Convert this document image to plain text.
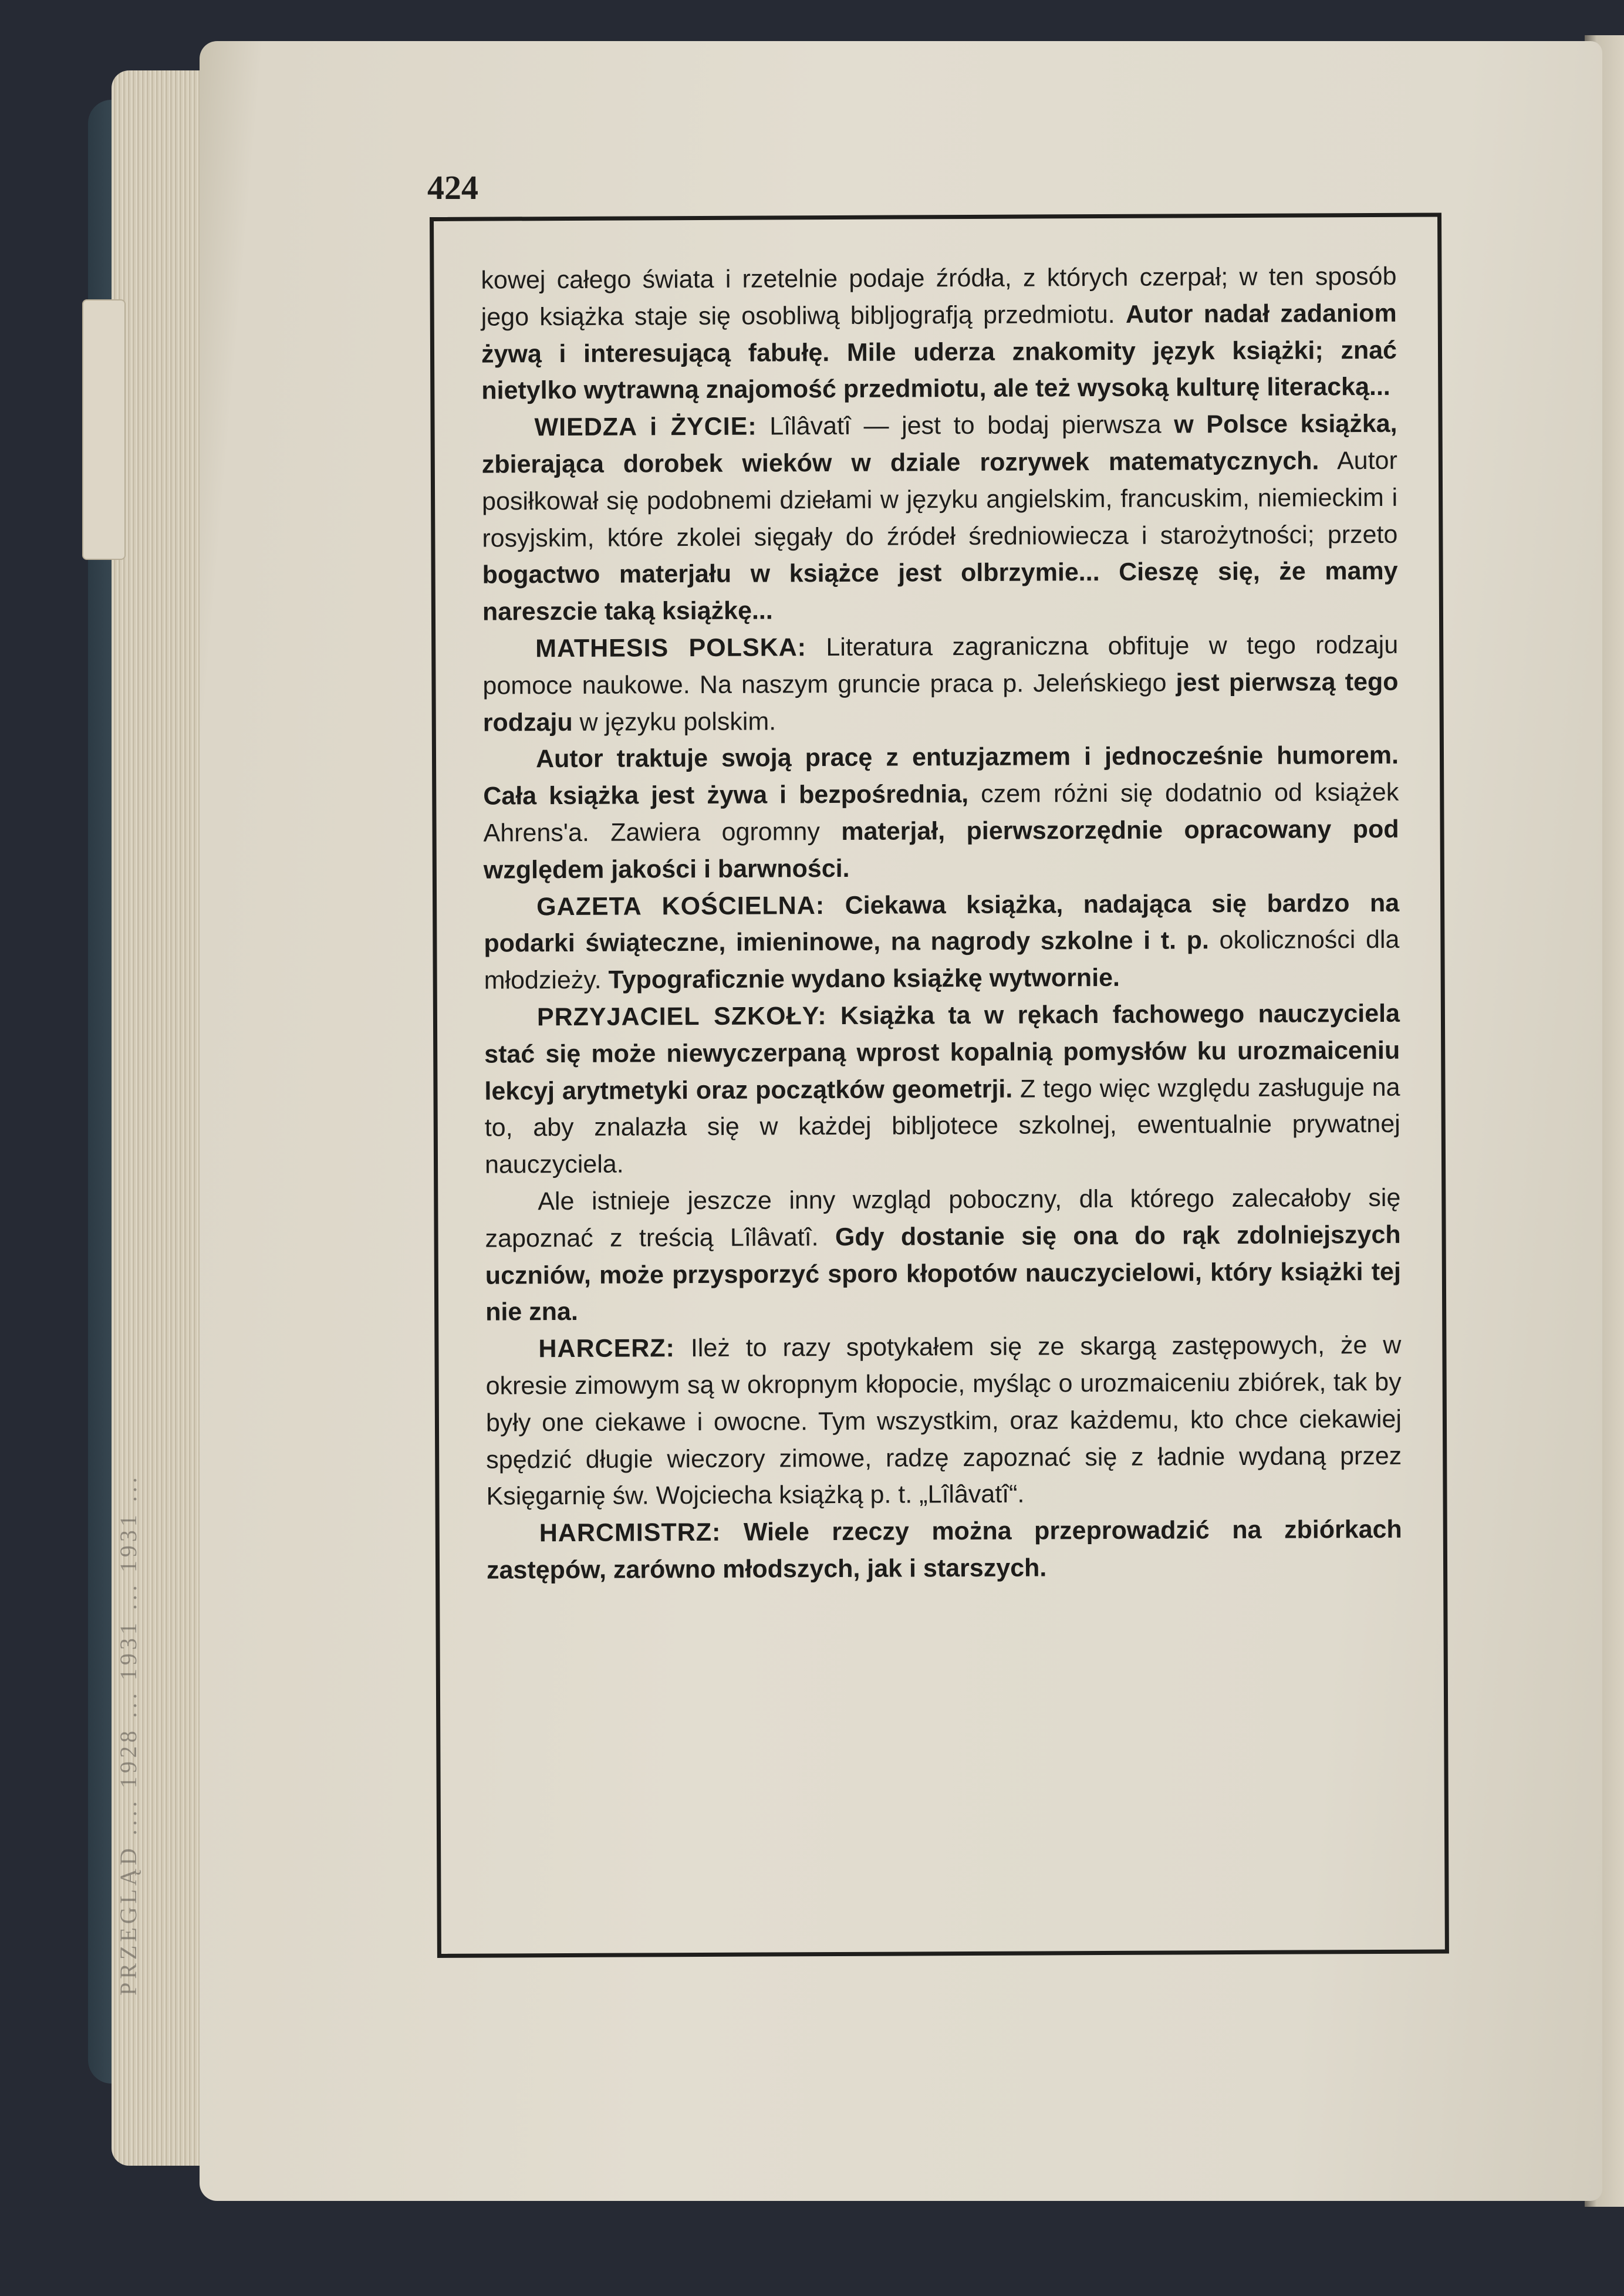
PRZEGLĄD .... 1928 ... 1931 ... 1931 ...
424

kowej całego świata i rzetelnie podaje źródła, z których czerpał; w ten sposób jego książka staje się osobliwą bibljografją przedmiotu. Autor nadał zadaniom żywą i interesującą fabułę. Mile uderza znakomity język książki; znać nietylko wytrawną znajomość przedmiotu, ale też wysoką kulturę literacką...

WIEDZA i ŻYCIE: Lîlâvatî — jest to bodaj pierwsza w Polsce książka, zbierająca dorobek wieków w dziale rozrywek matematycznych. Autor posiłkował się podobnemi dziełami w języku angielskim, francuskim, niemieckim i rosyjskim, które zkolei sięgały do źródeł średniowiecza i starożytności; przeto bogactwo materjału w książce jest olbrzymie... Cieszę się, że mamy nareszcie taką książkę...

MATHESIS POLSKA: Literatura zagraniczna obfituje w tego rodzaju pomoce naukowe. Na naszym gruncie praca p. Jeleńskiego jest pierwszą tego rodzaju w języku polskim.

Autor traktuje swoją pracę z entuzjazmem i jednocześnie humorem. Cała książka jest żywa i bezpośrednia, czem różni się dodatnio od książek Ahrens'a. Zawiera ogromny materjał, pierwszorzędnie opracowany pod względem jakości i barwności.

GAZETA KOŚCIELNA: Ciekawa książka, nadająca się bardzo na podarki świąteczne, imieninowe, na nagrody szkolne i t. p. okoliczności dla młodzieży. Typograficznie wydano książkę wytwornie.

PRZYJACIEL SZKOŁY: Książka ta w rękach fachowego nauczyciela stać się może niewyczerpaną wprost kopalnią pomysłów ku urozmaiceniu lekcyj arytmetyki oraz początków geometrji. Z tego więc względu zasługuje na to, aby znalazła się w każdej bibljotece szkolnej, ewentualnie prywatnej nauczyciela.

Ale istnieje jeszcze inny wzgląd poboczny, dla którego zalecałoby się zapoznać z treścią Lîlâvatî. Gdy dostanie się ona do rąk zdolniejszych uczniów, może przysporzyć sporo kłopotów nauczycielowi, który książki tej nie zna.

HARCERZ: Ileż to razy spotykałem się ze skargą zastępowych, że w okresie zimowym są w okropnym kłopocie, myśląc o urozmaiceniu zbiórek, tak by były one ciekawe i owocne. Tym wszystkim, oraz każdemu, kto chce ciekawiej spędzić długie wieczory zimowe, radzę zapoznać się z ładnie wydaną przez Księgarnię św. Wojciecha książką p. t. „Lîlâvatî“.

HARCMISTRZ: Wiele rzeczy można przeprowadzić na zbiórkach zastępów, zarówno młodszych, jak i starszych.
